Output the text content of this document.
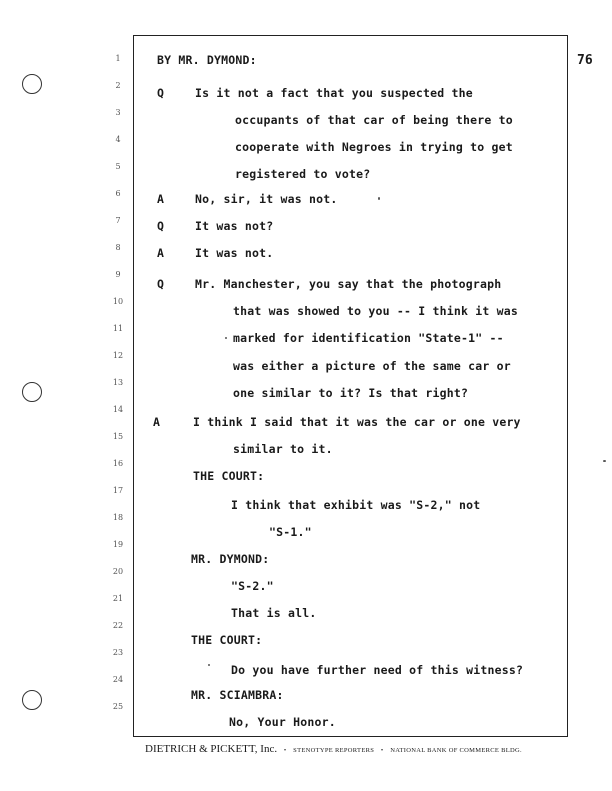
76
1
2
3
4
5
6
7
8
9
10
11
12
13
14
15
16
17
18
19
20
21
22
23
24
25
BY MR. DYMOND:
Q	Is it not a fact that you suspected the
occupants of that car of being there to
cooperate with Negroes in trying to get
registered to vote?
A	No, sir, it was not.
Q	It was not?
A	It was not.
Q	Mr. Manchester, you say that the photograph
that was showed to you -- I think it was
marked for identification "State-1" --
was either a picture of the same car or
one similar to it? Is that right?
A	I think I said that it was the car or one very
similar to it.
THE COURT:
I think that exhibit was "S-2," not
"S-1."
MR. DYMOND:
"S-2."
That is all.
THE COURT:
Do you have further need of this witness?
MR. SCIAMBRA:
No, Your Honor.
DIETRICH & PICKETT, Inc. • STENOTYPE REPORTERS • NATIONAL BANK OF COMMERCE BLDG.
